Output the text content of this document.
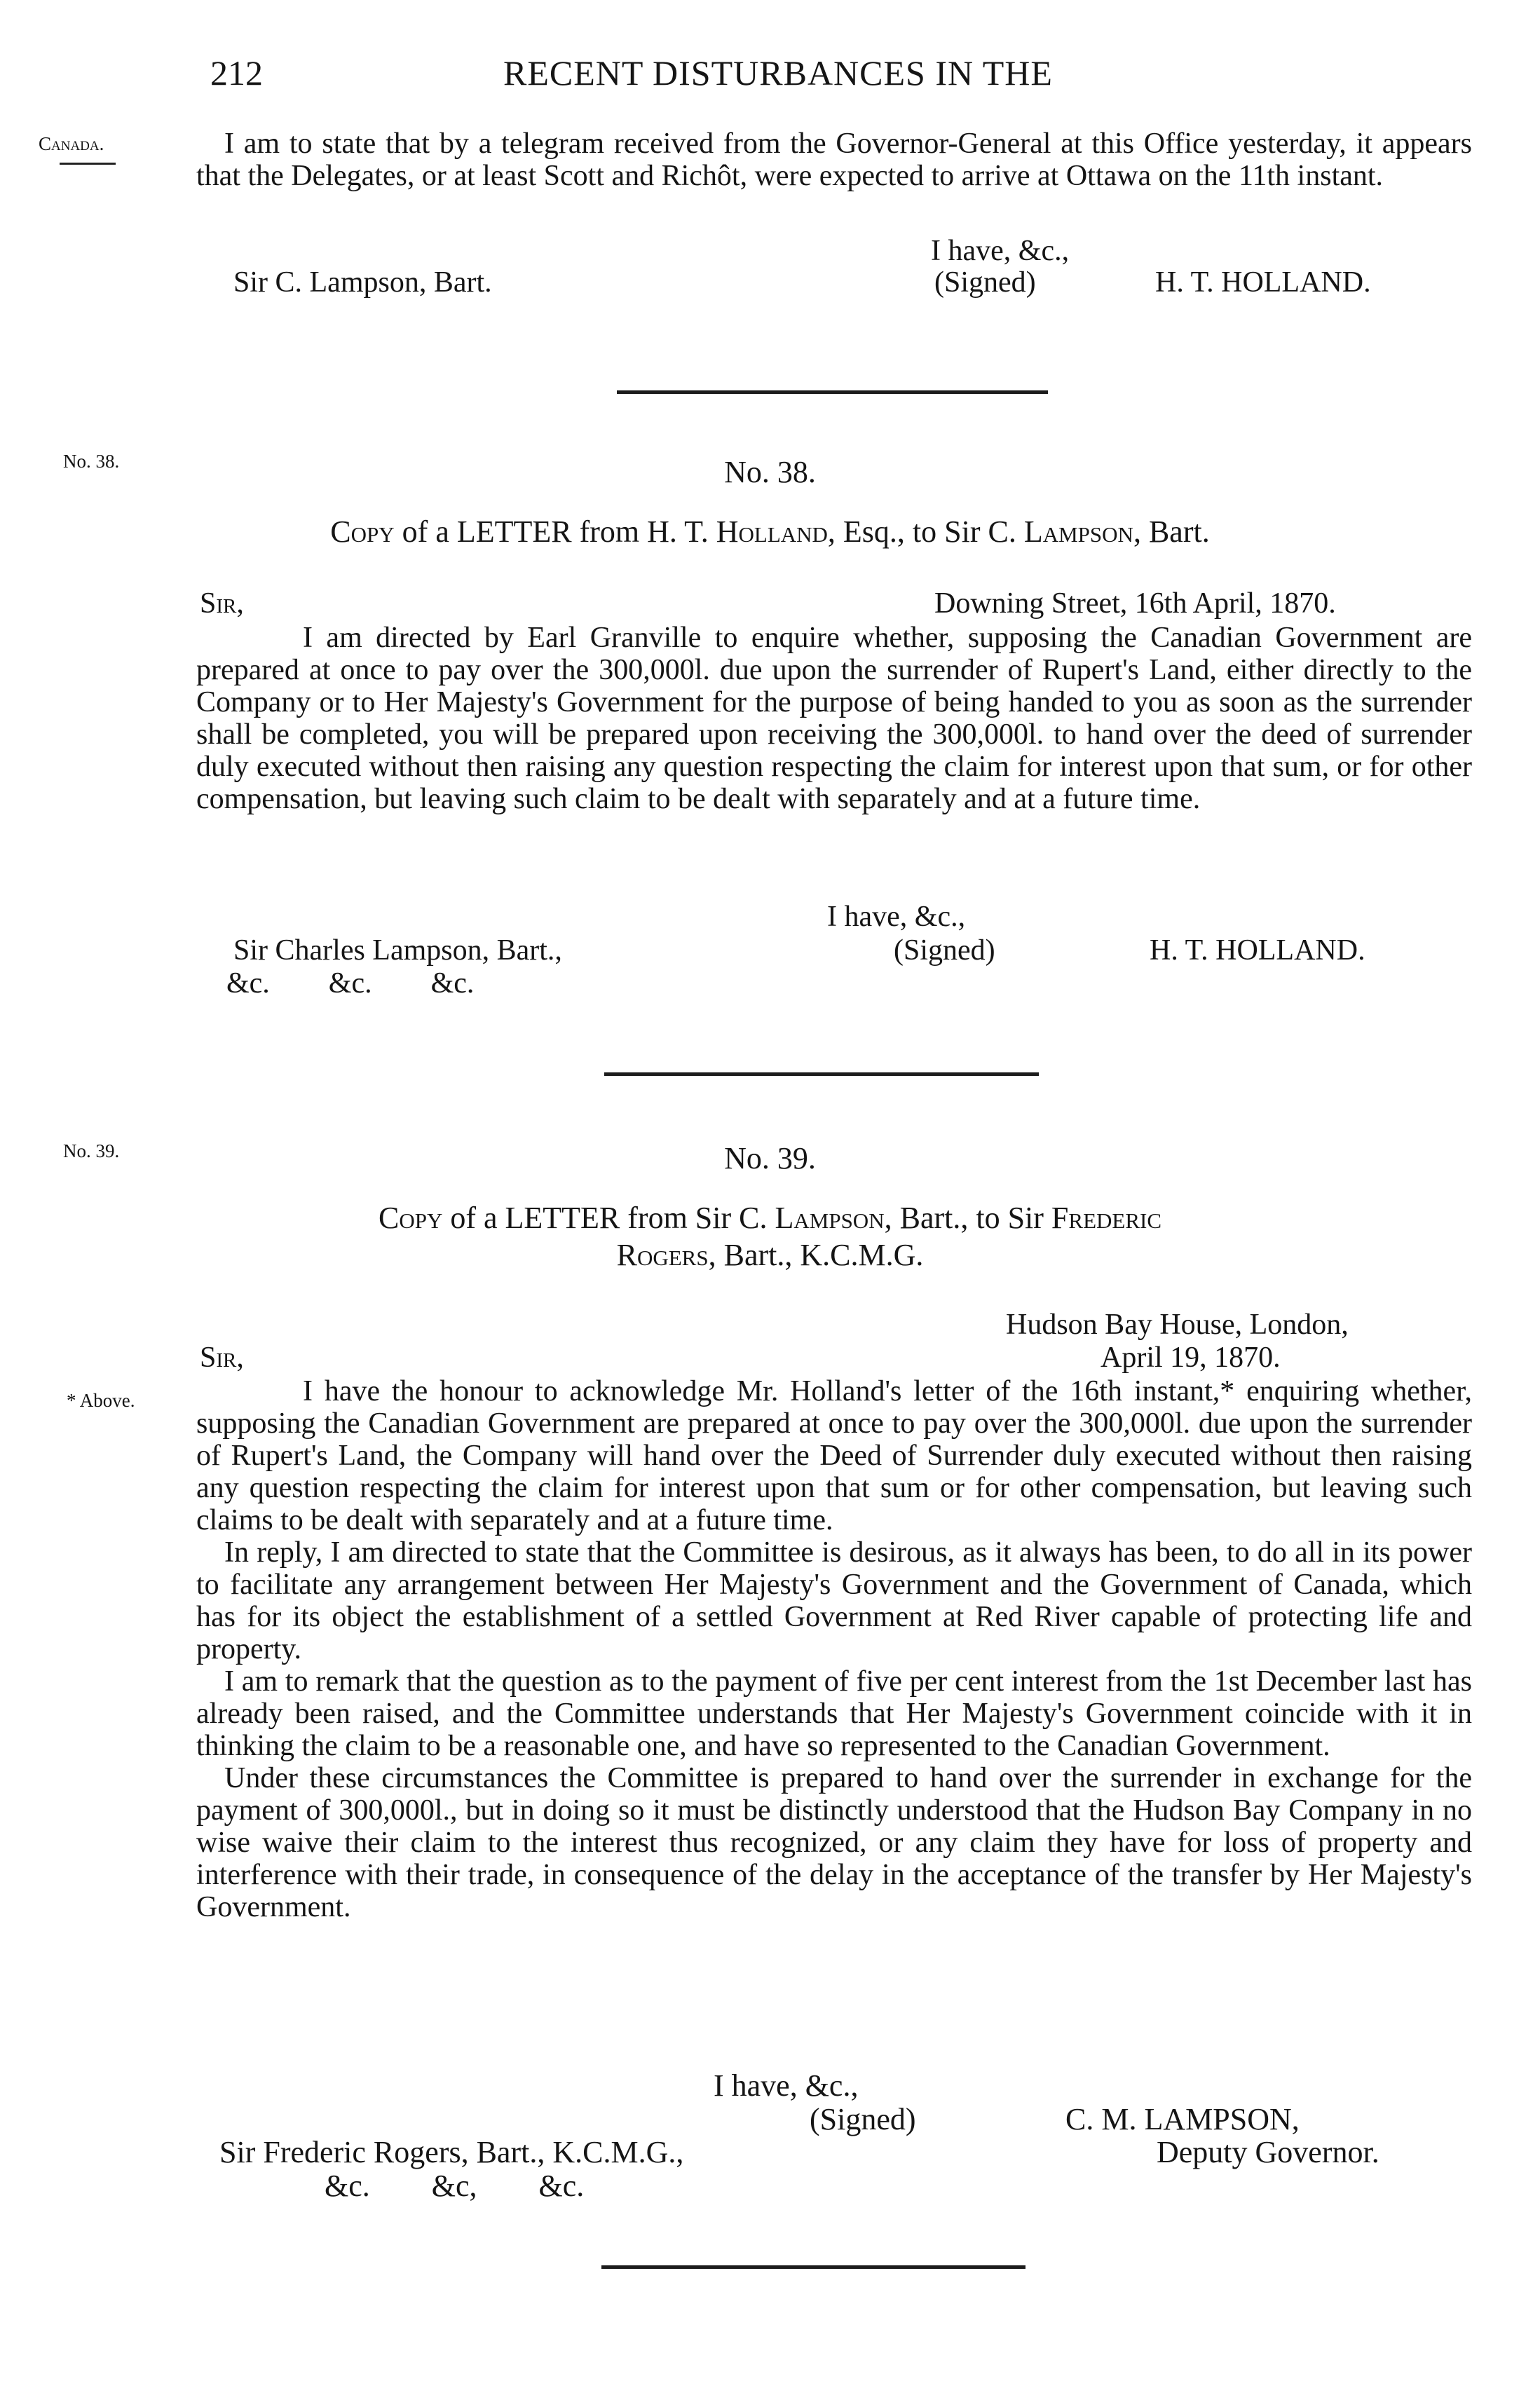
212	RECENT DISTURBANCES IN THE
Canada.
No. 38.
No. 39.
* Above.

I am to state that by a telegram received from the Governor-General at this Office yesterday, it appears that the Delegates, or at least Scott and Richôt, were expected to arrive at Ottawa on the 11th instant.

I have, &c.,
Sir C. Lampson, Bart.	(Signed)	H. T. HOLLAND.
No. 38.
Copy of a LETTER from H. T. Holland, Esq., to Sir C. Lampson, Bart.
Sir,	Downing Street, 16th April, 1870.

I am directed by Earl Granville to enquire whether, supposing the Canadian Government are prepared at once to pay over the 300,000l. due upon the surrender of Rupert's Land, either directly to the Company or to Her Majesty's Government for the purpose of being handed to you as soon as the surrender shall be completed, you will be prepared upon receiving the 300,000l. to hand over the deed of surrender duly executed without then raising any question respecting the claim for interest upon that sum, or for other compensation, but leaving such claim to be dealt with separately and at a future time.

I have, &c.,
Sir Charles Lampson, Bart.,	(Signed)	H. T. HOLLAND.
&c.        &c.        &c.
No. 39.
Copy of a LETTER from Sir C. Lampson, Bart., to Sir Frederic
Rogers, Bart., K.C.M.G.
Hudson Bay House, London,
Sir,	April 19, 1870.

I have the honour to acknowledge Mr. Holland's letter of the 16th instant,* enquiring whether, supposing the Canadian Government are prepared at once to pay over the 300,000l. due upon the surrender of Rupert's Land, the Company will hand over the Deed of Surrender duly executed without then raising any question respecting the claim for interest upon that sum or for other compensation, but leaving such claims to be dealt with separately and at a future time.

In reply, I am directed to state that the Committee is desirous, as it always has been, to do all in its power to facilitate any arrangement between Her Majesty's Government and the Government of Canada, which has for its object the establishment of a settled Government at Red River capable of protecting life and property.

I am to remark that the question as to the payment of five per cent interest from the 1st December last has already been raised, and the Committee understands that Her Majesty's Government coincide with it in thinking the claim to be a reasonable one, and have so represented to the Canadian Government.

Under these circumstances the Committee is prepared to hand over the surrender in exchange for the payment of 300,000l., but in doing so it must be distinctly understood that the Hudson Bay Company in no wise waive their claim to the interest thus recognized, or any claim they have for loss of property and interference with their trade, in consequence of the delay in the acceptance of the transfer by Her Majesty's Government.

I have, &c.,
(Signed)	C. M. LAMPSON,
Sir Frederic Rogers, Bart., K.C.M.G.,	Deputy Governor.
&c.        &c,        &c.
